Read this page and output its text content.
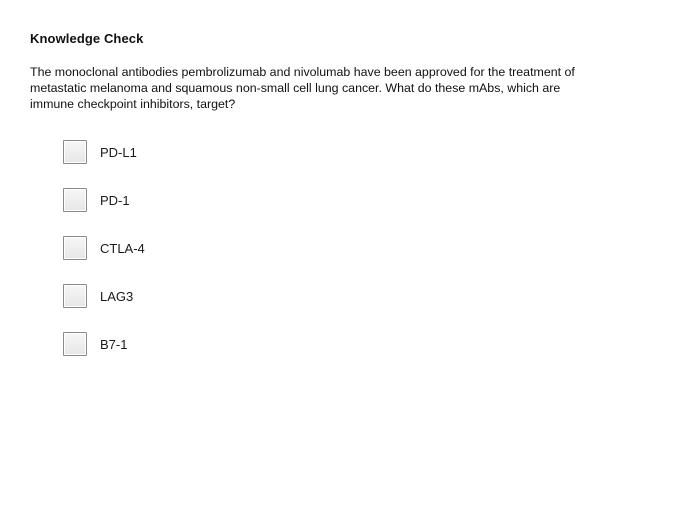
Knowledge Check

The monoclonal antibodies pembrolizumab and nivolumab have been approved for the treatment of metastatic melanoma and squamous non-small cell lung cancer. What do these mAbs, which are immune checkpoint inhibitors, target?

PD-L1
PD-1
CTLA-4
LAG3
B7-1
